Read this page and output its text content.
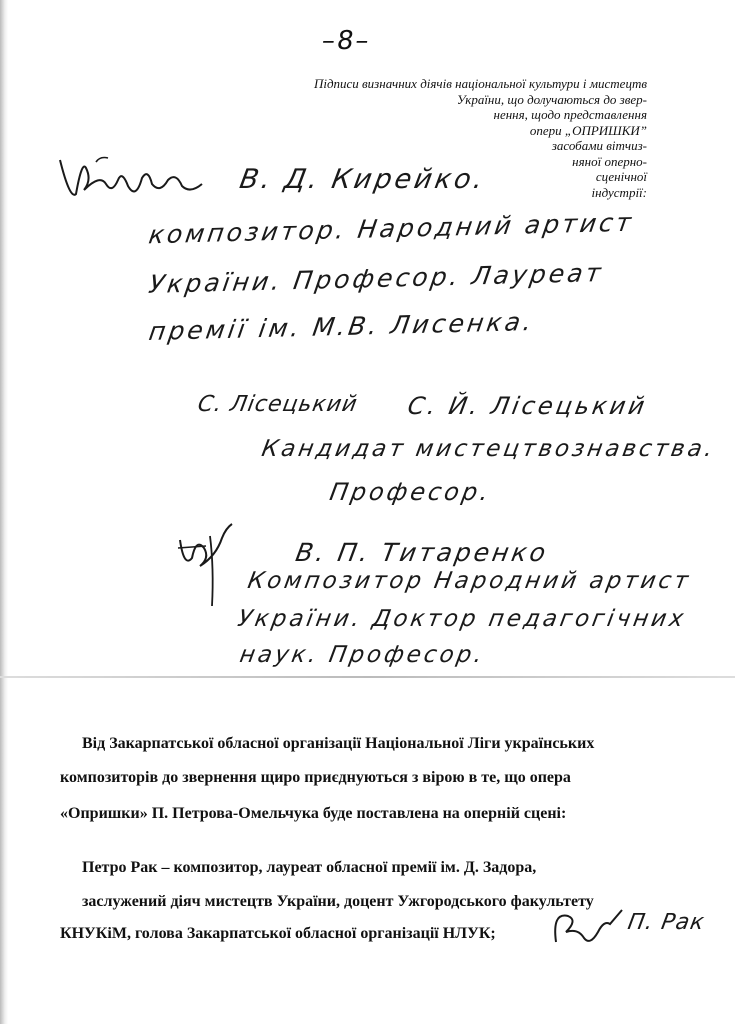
–8–
Підписи визначних діячів національної культури і мистецтв
України, що долучаються до звер-
нення, щодо представлення
опери „ОПРИШКИ”
засобами вітчиз-
няної оперно-
сценічної
індустрії:
В. Д. Кирейко.
композитор. Народний артист
України. Професор. Лауреат
премії ім. М.В. Лисенка.
С. Лісецький С. Й. Лісецький
Кандидат мистецтвознавства.
Професор.
В. П. Титаренко
Композитор Народний артист
України. Доктор педагогічних
наук. Професор.
Від Закарпатської обласної організації Національної Ліги українських
композиторів до звернення щиро приєднуються з вірою в те, що опера
«Опришки» П. Петрова-Омельчука буде поставлена на оперній сцені:
Петро Рак – композитор, лауреат обласної премії ім. Д. Задора,
заслужений діяч мистецтв України, доцент Ужгородського факультету
КНУКіМ, голова Закарпатської обласної організації НЛУК;	П. Рак
